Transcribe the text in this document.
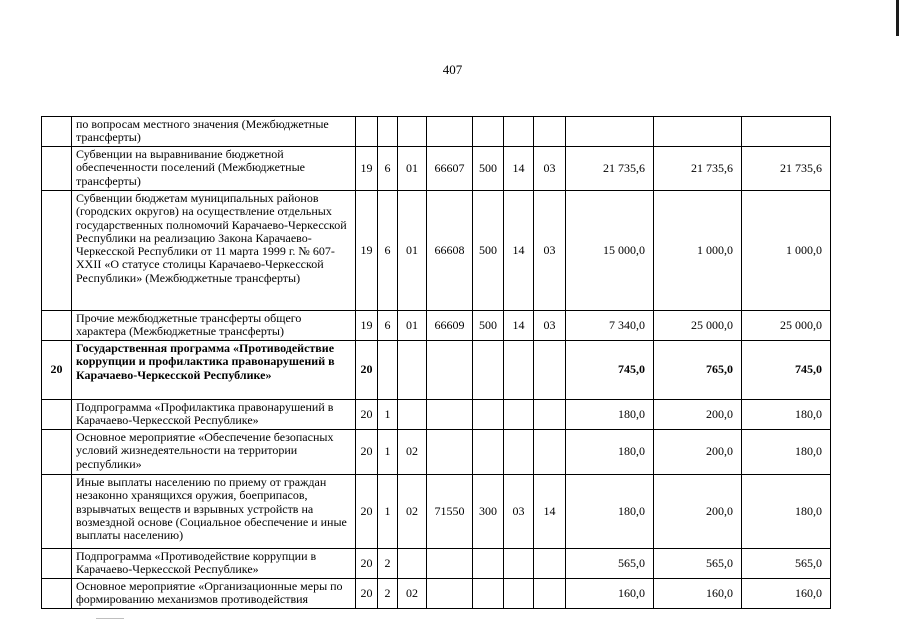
407
	по вопросам местного значения (Межбюджетные трансферты)										
	Субвенции на выравнивание бюджетной обеспеченности поселений (Межбюджетные трансферты)	19	6	01	66607	500	14	03	21 735,6	21 735,6	21 735,6
	Субвенции бюджетам муниципальных районов (городских округов) на осуществление отдельных государственных полномочий Карачаево-Черкесской Республики на реализацию Закона Карачаево-Черкесской Республики от 11 марта 1999 г. № 607-XXII «О статусе столицы Карачаево-Черкесской Республики» (Межбюджетные трансферты)	19	6	01	66608	500	14	03	15 000,0	1 000,0	1 000,0
	Прочие межбюджетные трансферты общего характера (Межбюджетные трансферты)	19	6	01	66609	500	14	03	7 340,0	25 000,0	25 000,0
20	Государственная программа «Противодействие коррупции и профилактика правонарушений в Карачаево-Черкесской Республике»	20							745,0	765,0	745,0
	Подпрограмма «Профилактика правонарушений в Карачаево-Черкесской Республике»	20	1						180,0	200,0	180,0
	Основное мероприятие «Обеспечение безопасных условий жизнедеятельности на территории республики»	20	1	02					180,0	200,0	180,0
	Иные выплаты населению по приему от граждан незаконно хранящихся оружия, боеприпасов, взрывчатых веществ и взрывных устройств на возмездной основе (Социальное обеспечение и иные выплаты населению)	20	1	02	71550	300	03	14	180,0	200,0	180,0
	Подпрограмма «Противодействие коррупции в Карачаево-Черкесской Республике»	20	2						565,0	565,0	565,0
	Основное мероприятие «Организационные меры по формированию механизмов противодействия	20	2	02					160,0	160,0	160,0
